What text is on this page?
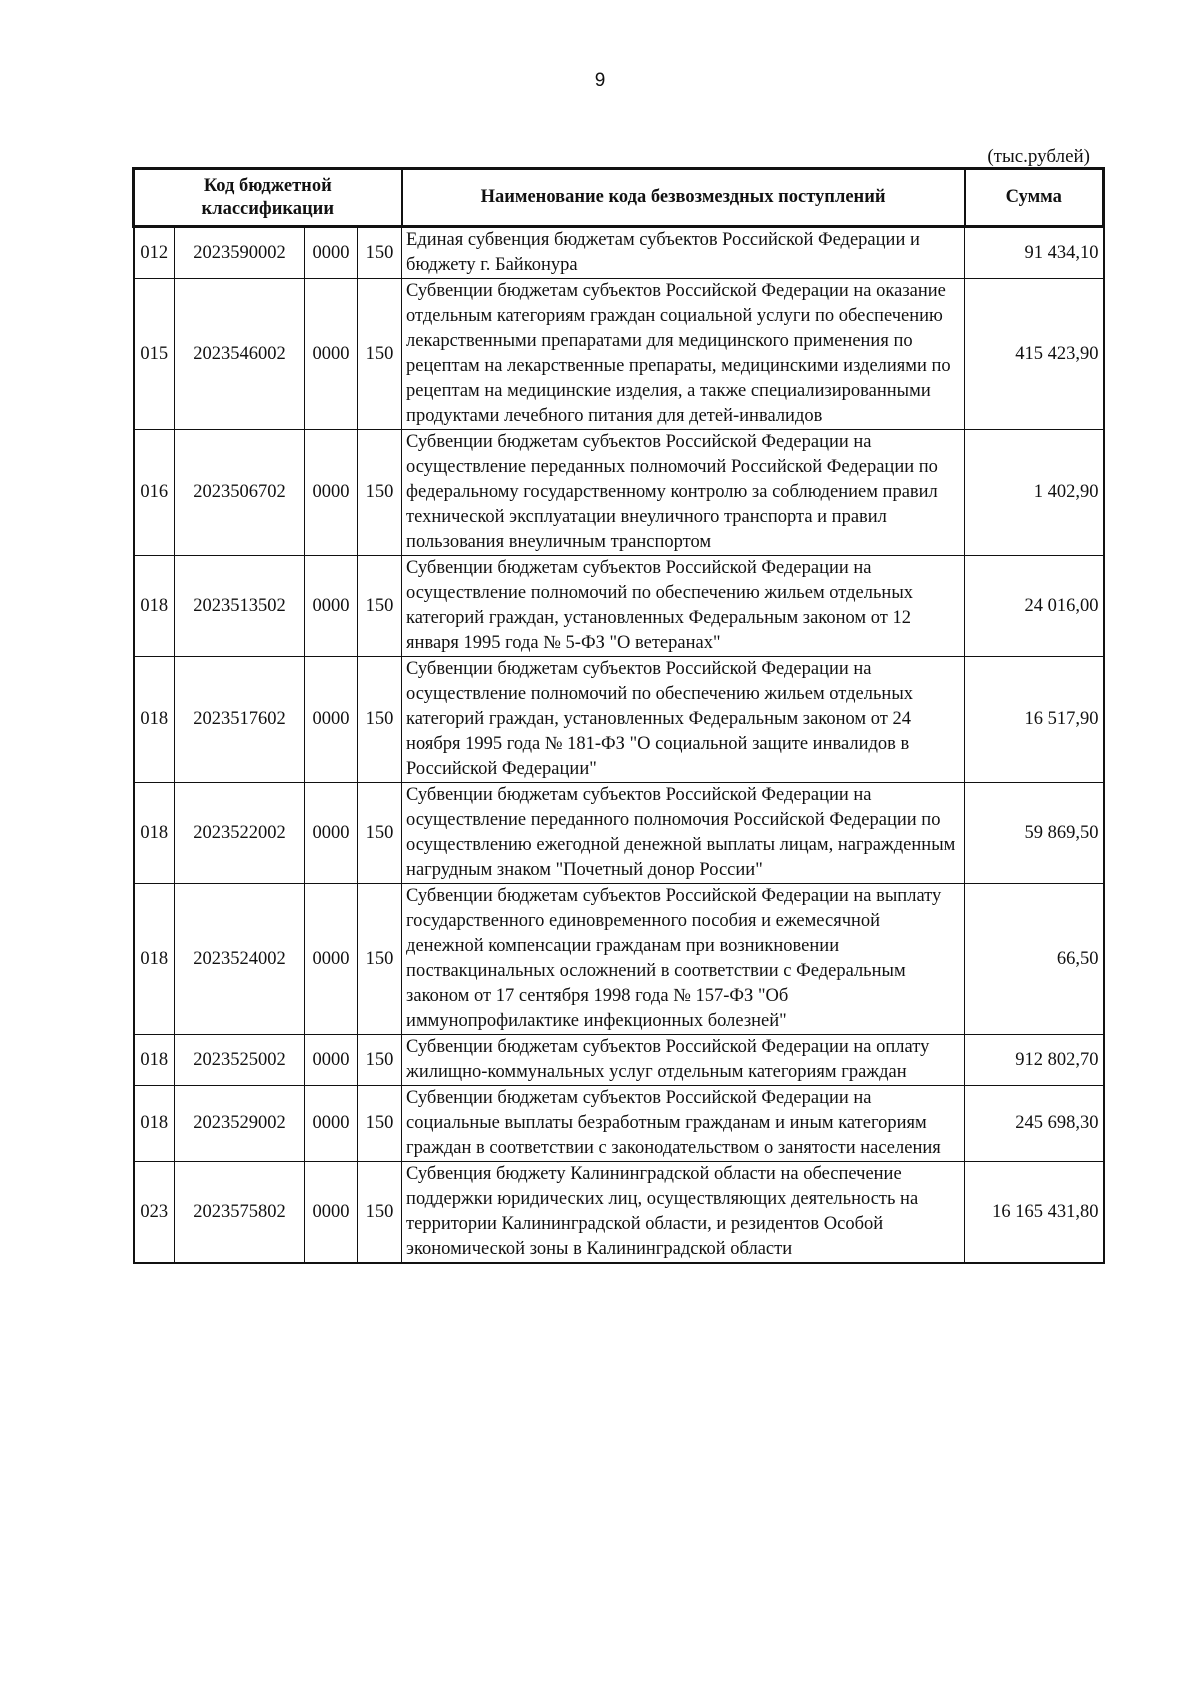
9
(тыс.рублей)
Код бюджетной классификации				Наименование кода безвозмездных поступлений	Сумма
012	2023590002	0000	150	Единая субвенция бюджетам субъектов Российской Федерации и бюджету г. Байконура	91 434,10
015	2023546002	0000	150	Субвенции бюджетам субъектов Российской Федерации на оказание отдельным категориям граждан социальной услуги по обеспечению лекарственными препаратами для медицинского применения по рецептам на лекарственные препараты, медицинскими изделиями по рецептам на медицинские изделия, а также специализированными продуктами лечебного питания для детей-инвалидов	415 423,90
016	2023506702	0000	150	Субвенции бюджетам субъектов Российской Федерации на осуществление переданных полномочий Российской Федерации по федеральному государственному контролю за соблюдением правил технической эксплуатации внеуличного транспорта и правил пользования внеуличным транспортом	1 402,90
018	2023513502	0000	150	Субвенции бюджетам субъектов Российской Федерации на осуществление полномочий по обеспечению жильем отдельных категорий граждан, установленных Федеральным законом от 12 января 1995 года № 5-ФЗ "О ветеранах"	24 016,00
018	2023517602	0000	150	Субвенции бюджетам субъектов Российской Федерации на осуществление полномочий по обеспечению жильем отдельных категорий граждан, установленных Федеральным законом от 24 ноября 1995 года № 181-ФЗ "О социальной защите инвалидов в Российской Федерации"	16 517,90
018	2023522002	0000	150	Субвенции бюджетам субъектов Российской Федерации на осуществление переданного полномочия Российской Федерации по осуществлению ежегодной денежной выплаты лицам, награжденным нагрудным знаком "Почетный донор России"	59 869,50
018	2023524002	0000	150	Субвенции бюджетам субъектов Российской Федерации на выплату государственного единовременного пособия и ежемесячной денежной компенсации гражданам при возникновении поствакцинальных осложнений в соответствии с Федеральным законом от 17 сентября 1998 года № 157-ФЗ "Об иммунопрофилактике инфекционных болезней"	66,50
018	2023525002	0000	150	Субвенции бюджетам субъектов Российской Федерации на оплату жилищно-коммунальных услуг отдельным категориям граждан	912 802,70
018	2023529002	0000	150	Субвенции бюджетам субъектов Российской Федерации на социальные выплаты безработным гражданам и иным категориям граждан в соответствии с законодательством о занятости населения	245 698,30
023	2023575802	0000	150	Субвенция бюджету Калининградской области на обеспечение поддержки юридических лиц, осуществляющих деятельность на территории Калининградской области, и резидентов Особой экономической зоны в Калининградской области	16 165 431,80
